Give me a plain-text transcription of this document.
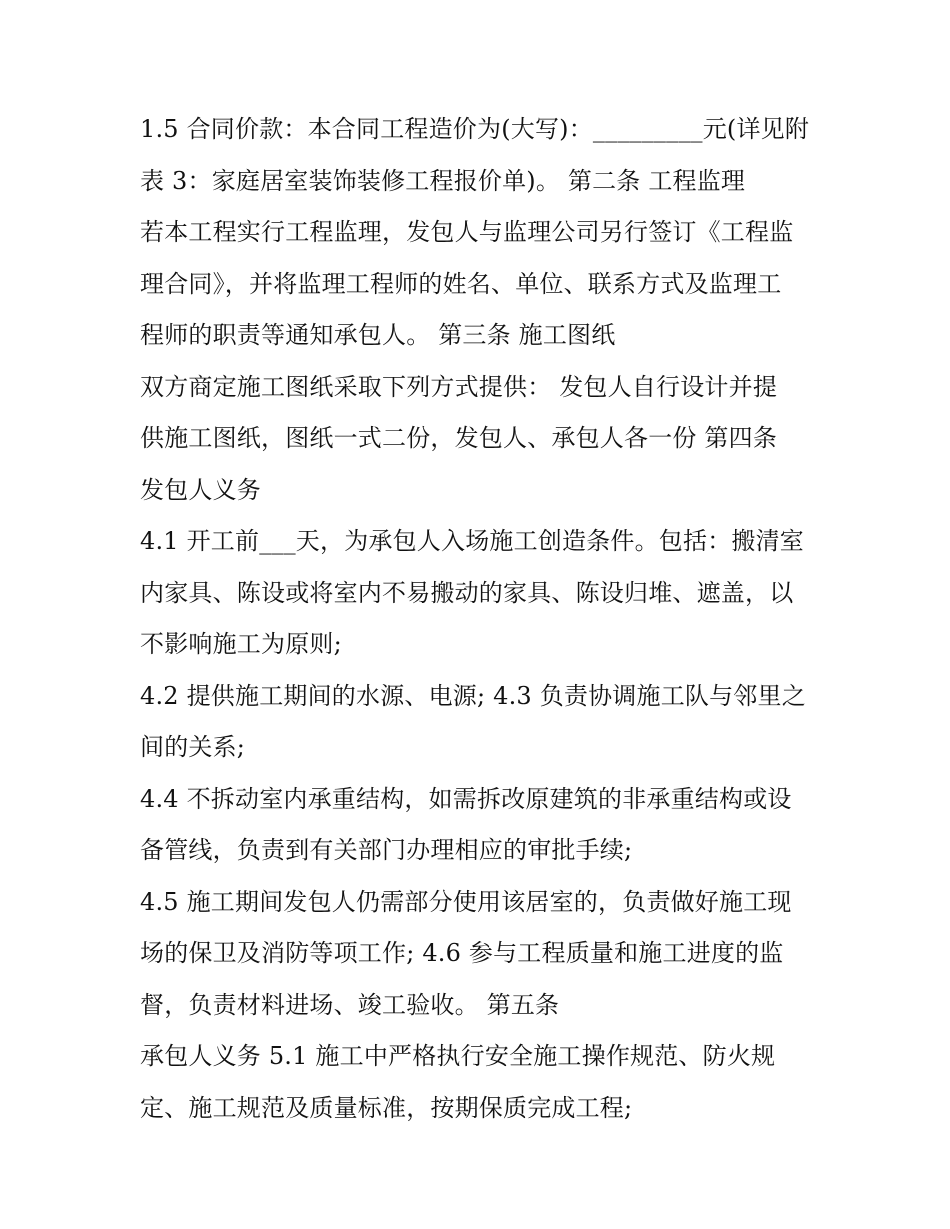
1.5 合同价款：本合同工程造价为(大写)：_________元(详见附
表 3：家庭居室装饰装修工程报价单)。 第二条 工程监理
若本工程实行工程监理，发包人与监理公司另行签订《工程监
理合同》，并将监理工程师的姓名、单位、联系方式及监理工
程师的职责等通知承包人。 第三条 施工图纸
双方商定施工图纸采取下列方式提供： 发包人自行设计并提
供施工图纸，图纸一式二份，发包人、承包人各一份 第四条
发包人义务
4.1 开工前___天，为承包人入场施工创造条件。包括：搬清室
内家具、陈设或将室内不易搬动的家具、陈设归堆、遮盖，以
不影响施工为原则;
4.2 提供施工期间的水源、电源; 4.3 负责协调施工队与邻里之
间的关系;
4.4 不拆动室内承重结构，如需拆改原建筑的非承重结构或设
备管线，负责到有关部门办理相应的审批手续;
4.5 施工期间发包人仍需部分使用该居室的，负责做好施工现
场的保卫及消防等项工作; 4.6 参与工程质量和施工进度的监
督，负责材料进场、竣工验收。 第五条
承包人义务 5.1 施工中严格执行安全施工操作规范、防火规
定、施工规范及质量标准，按期保质完成工程;
